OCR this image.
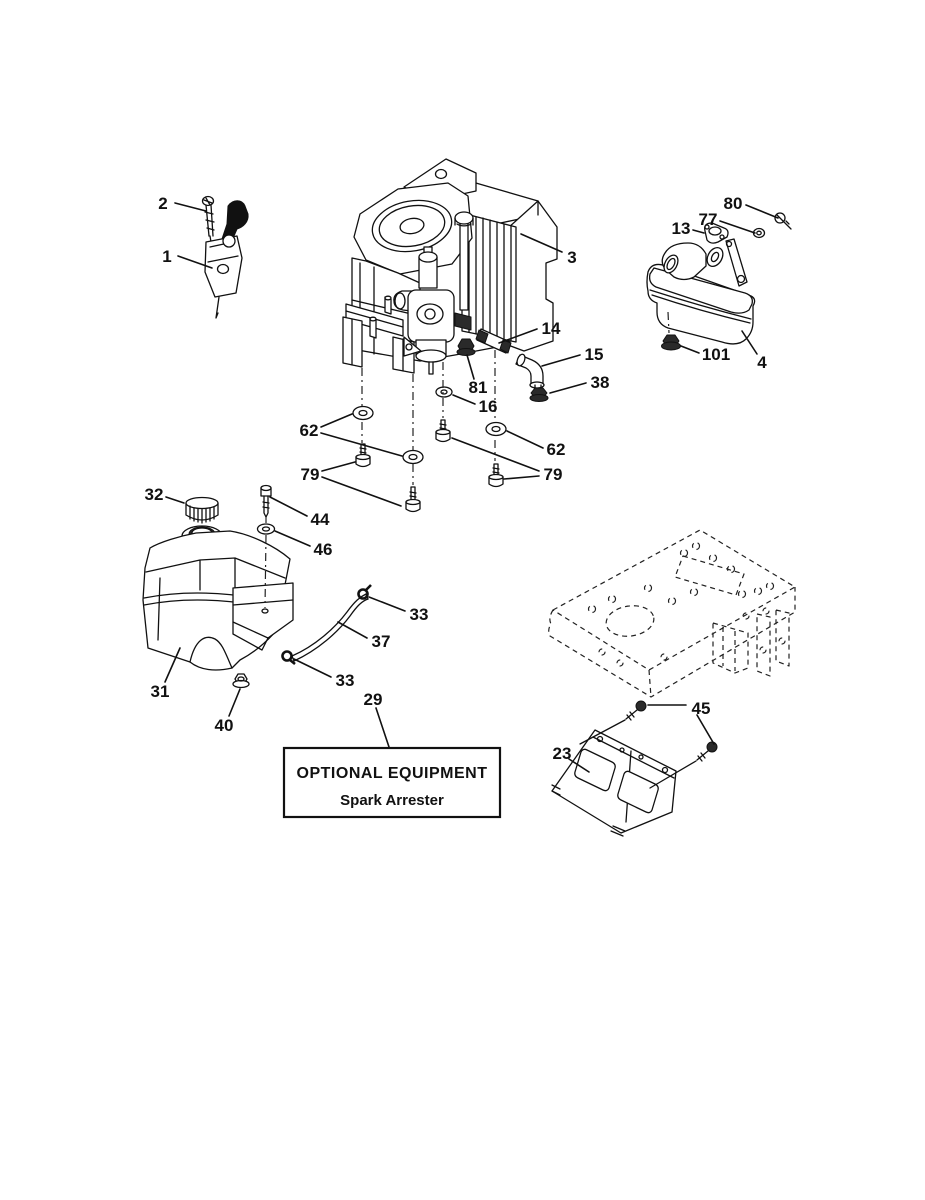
OPTIONAL EQUIPMENT
Spark Arrester
2
1	3
80
77
13
4
101
14
15
38
81
16
62
62
79	79
32
44
46
33
37
33
31
40
29
23
45
